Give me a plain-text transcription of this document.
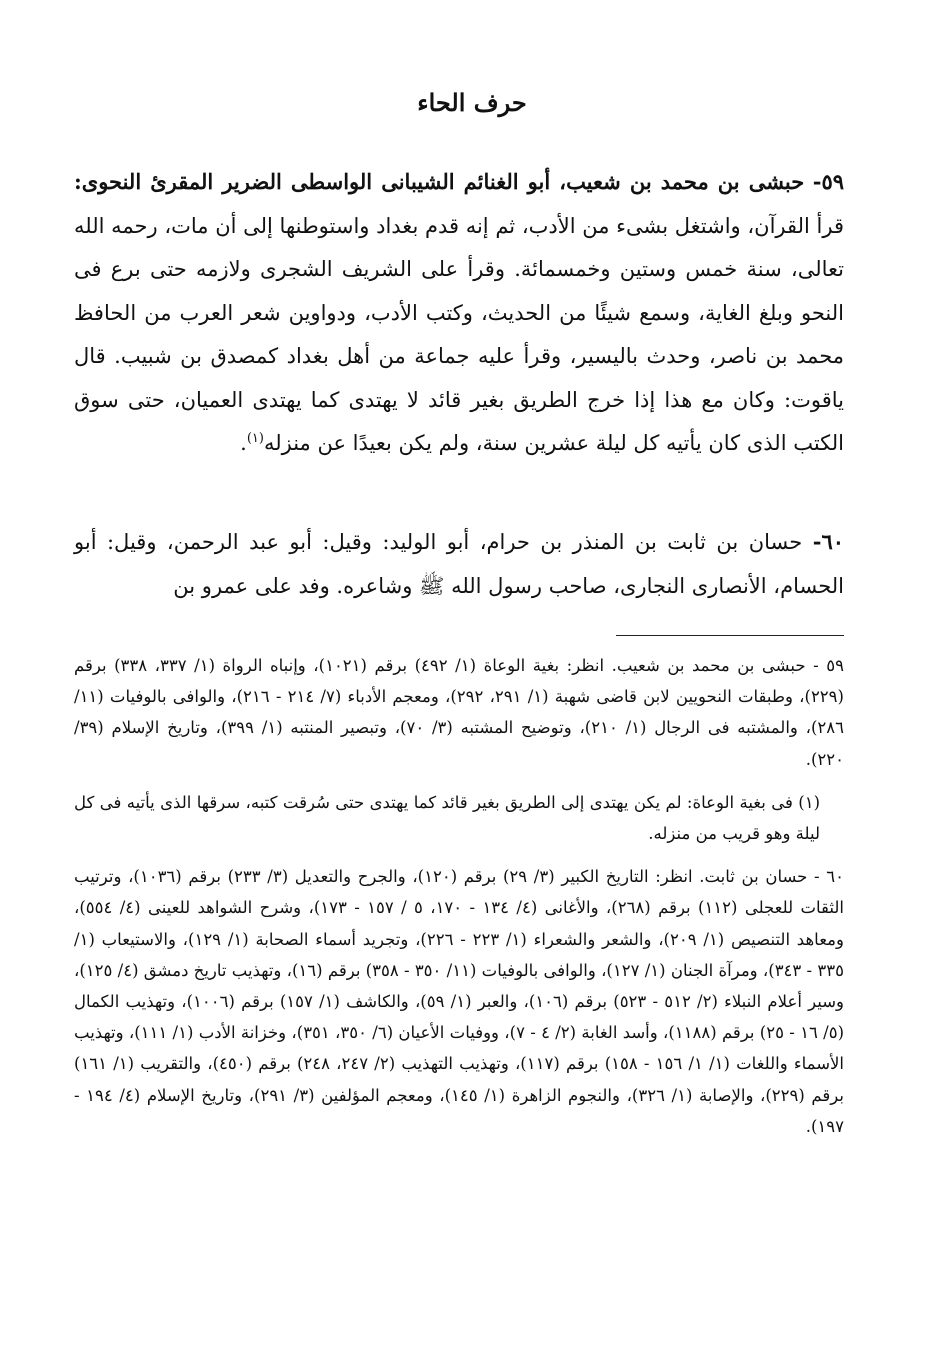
حرف الحاء

٥٩- حبشى بن محمد بن شعيب، أبو الغنائم الشيبانى الواسطى الضرير المقرئ النحوى: قرأ القرآن، واشتغل بشىء من الأدب، ثم إنه قدم بغداد واستوطنها إلى أن مات، رحمه الله تعالى، سنة خمس وستين وخمسمائة. وقرأ على الشريف الشجرى ولازمه حتى برع فى النحو وبلغ الغاية، وسمع شيئًا من الحديث، وكتب الأدب، ودواوين شعر العرب من الحافظ محمد بن ناصر، وحدث باليسير، وقرأ عليه جماعة من أهل بغداد كمصدق بن شبيب. قال ياقوت: وكان مع هذا إذا خرج الطريق بغير قائد لا يهتدى كما يهتدى العميان، حتى سوق الكتب الذى كان يأتيه كل ليلة عشرين سنة، ولم يكن بعيدًا عن منزله$^{(١)}$.

٦٠- حسان بن ثابت بن المنذر بن حرام، أبو الوليد: وقيل: أبو عبد الرحمن، وقيل: أبو الحسام، الأنصارى النجارى، صاحب رسول الله ﷺ وشاعره. وفد على عمرو بن

٥٩ - حبشى بن محمد بن شعيب. انظر: بغية الوعاة (١/ ٤٩٢) برقم (١٠٢١)، وإنباه الرواة (١/ ٣٣٧، ٣٣٨) برقم (٢٢٩)، وطبقات النحويين لابن قاضى شهبة (١/ ٢٩١، ٢٩٢)، ومعجم الأدباء (٧/ ٢١٤ - ٢١٦)، والوافى بالوفيات (١١/ ٢٨٦)، والمشتبه فى الرجال (١/ ٢١٠)، وتوضيح المشتبه (٣/ ٧٠)، وتبصير المنتبه (١/ ٣٩٩)، وتاريخ الإسلام (٣٩/ ٢٢٠).

(١) فى بغية الوعاة: لم يكن يهتدى إلى الطريق بغير قائد كما يهتدى حتى سُرقت كتبه، سرقها الذى يأتيه فى كل ليلة وهو قريب من منزله.

٦٠ - حسان بن ثابت. انظر: التاريخ الكبير (٣/ ٢٩) برقم (١٢٠)، والجرح والتعديل (٣/ ٢٣٣) برقم (١٠٣٦)، وترتيب الثقات للعجلى (١١٢) برقم (٢٦٨)، والأغانى (٤/ ١٣٤ - ١٧٠، ٥ / ١٥٧ - ١٧٣)، وشرح الشواهد للعينى (٤/ ٥٥٤)، ومعاهد التنصيص (١/ ٢٠٩)، والشعر والشعراء (١/ ٢٢٣ - ٢٢٦)، وتجريد أسماء الصحابة (١/ ١٢٩)، والاستيعاب (١/ ٣٣٥ - ٣٤٣)، ومرآة الجنان (١/ ١٢٧)، والوافى بالوفيات (١١/ ٣٥٠ - ٣٥٨) برقم (١٦)، وتهذيب تاريخ دمشق (٤/ ١٢٥)، وسير أعلام النبلاء (٢/ ٥١٢ - ٥٢٣) برقم (١٠٦)، والعبر (١/ ٥٩)، والكاشف (١/ ١٥٧) برقم (١٠٠٦)، وتهذيب الكمال (٥/ ١٦ - ٢٥) برقم (١١٨٨)، وأسد الغابة (٢/ ٤ - ٧)، ووفيات الأعيان (٦/ ٣٥٠، ٣٥١)، وخزانة الأدب (١/ ١١١)، وتهذيب الأسماء واللغات (١/ ١/ ١٥٦ - ١٥٨) برقم (١١٧)، وتهذيب التهذيب (٢/ ٢٤٧، ٢٤٨) برقم (٤٥٠)، والتقريب (١/ ١٦١) برقم (٢٢٩)، والإصابة (١/ ٣٢٦)، والنجوم الزاهرة (١/ ١٤٥)، ومعجم المؤلفين (٣/ ٢٩١)، وتاريخ الإسلام (٤/ ١٩٤ - ١٩٧).
